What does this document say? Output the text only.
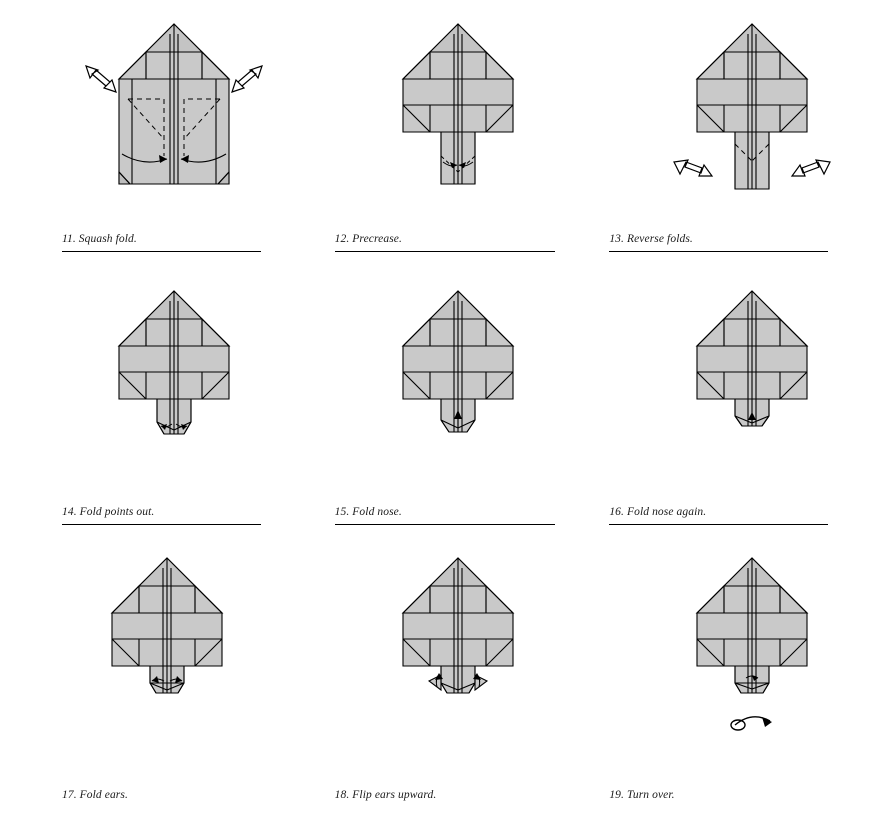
11. Squash fold.	12. Precrease.	13. Reverse folds.
14. Fold points out.	15. Fold nose.	16. Fold nose again.
17. Fold ears.	18. Flip ears upward.	19. Turn over.
